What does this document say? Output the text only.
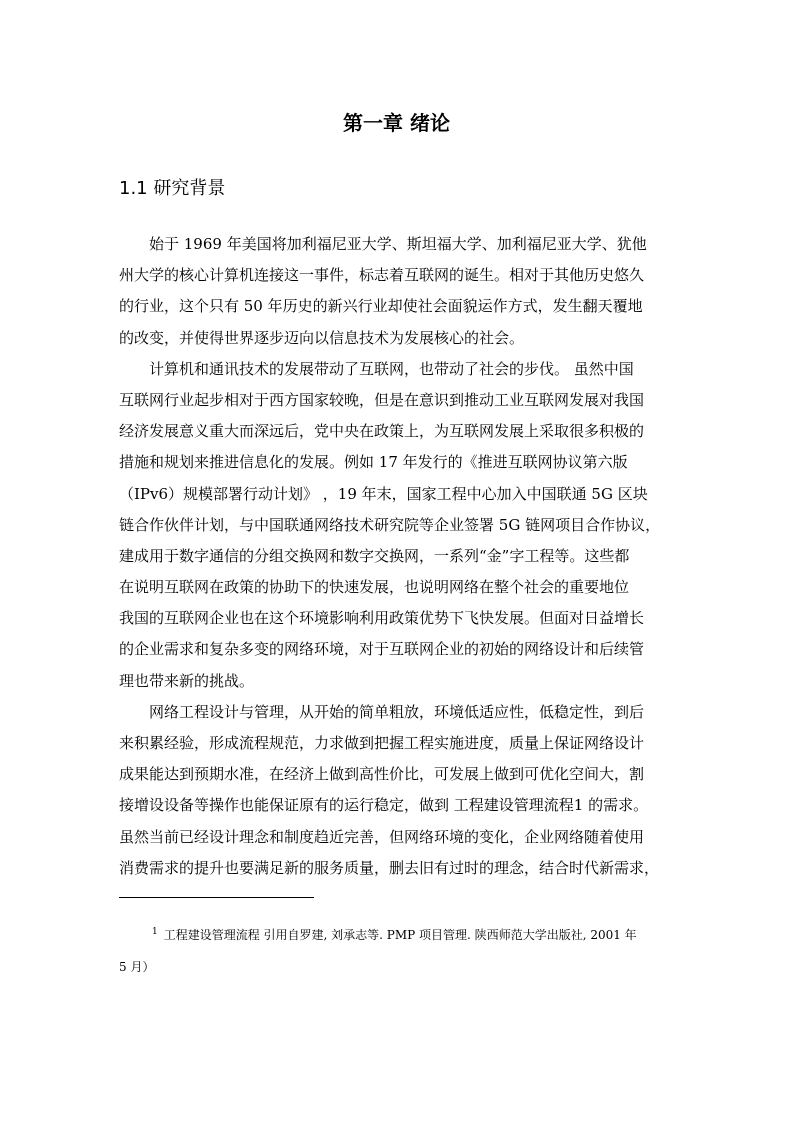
第一章 绪论
1.1 研究背景
　　始于 1969 年美国将加利福尼亚大学、斯坦福大学、加利福尼亚大学、犹他
州大学的核心计算机连接这一事件，标志着互联网的诞生。相对于其他历史悠久
的行业，这个只有 50 年历史的新兴行业却使社会面貌运作方式，发生翻天覆地
的改变，并使得世界逐步迈向以信息技术为发展核心的社会。
　　计算机和通讯技术的发展带动了互联网，也带动了社会的步伐。 虽然中国
互联网行业起步相对于西方国家较晚，但是在意识到推动工业互联网发展对我国
经济发展意义重大而深远后，党中央在政策上，为互联网发展上采取很多积极的
措施和规划来推进信息化的发展。例如 17 年发行的《推进互联网协议第六版
（IPv6）规模部署行动计划》 ，19 年末，国家工程中心加入中国联通 5G 区块
链合作伙伴计划，与中国联通网络技术研究院等企业签署 5G 链网项目合作协议，
建成用于数字通信的分组交换网和数字交换网，一系列“金”字工程等。这些都
在说明互联网在政策的协助下的快速发展，也说明网络在整个社会的重要地位
我国的互联网企业也在这个环境影响利用政策优势下飞快发展。但面对日益增长
的企业需求和复杂多变的网络环境，对于互联网企业的初始的网络设计和后续管
理也带来新的挑战。
　　网络工程设计与管理，从开始的简单粗放，环境低适应性，低稳定性，到后
来积累经验，形成流程规范，力求做到把握工程实施进度，质量上保证网络设计
成果能达到预期水准，在经济上做到高性价比，可发展上做到可优化空间大，割
接增设设备等操作也能保证原有的运行稳定，做到 工程建设管理流程1 的需求。
虽然当前已经设计理念和制度趋近完善，但网络环境的变化，企业网络随着使用
消费需求的提升也要满足新的服务质量，删去旧有过时的理念，结合时代新需求，
$^1$ 工程建设管理流程 引用自罗建, 刘承志等. PMP 项目管理. 陕西师范大学出版社, 2001 年
5 月）
